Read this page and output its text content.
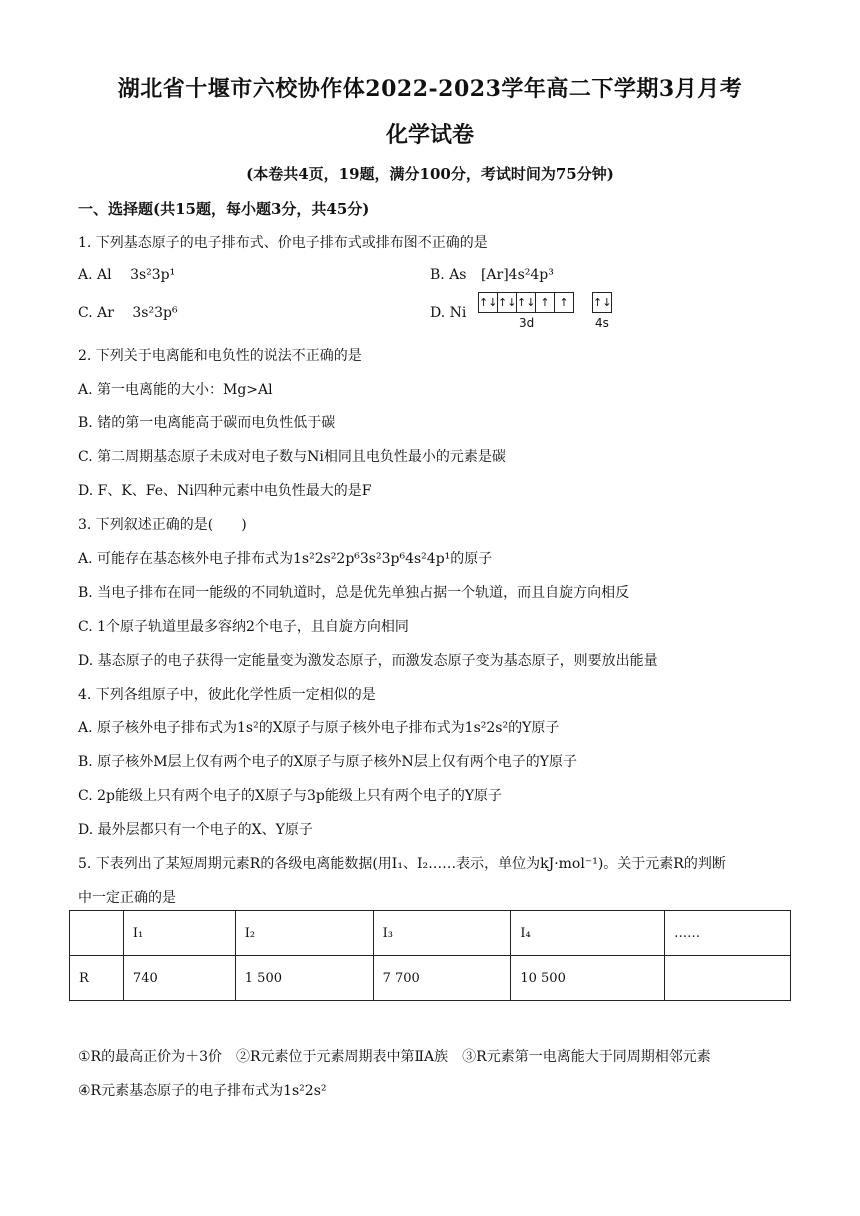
湖北省十堰市六校协作体2022-2023学年高二下学期3月月考
化学试卷
(本卷共4页，19题，满分100分，考试时间为75分钟)
一、选择题(共15题，每小题3分，共45分)
1. 下列基态原子的电子排布式、价电子排布式或排布图不正确的是
A. Al 3s²3p¹	B. As [Ar]4s²4p³
C. Ar 3s²3p⁶	D. Ni
↑↓ ↑↓ ↑↓ ↑ ↑	↑↓
3d	4s
2. 下列关于电离能和电负性的说法不正确的是
A. 第一电离能的大小：Mg>Al
B. 锗的第一电离能高于碳而电负性低于碳
C. 第二周期基态原子未成对电子数与Ni相同且电负性最小的元素是碳
D. F、K、Fe、Ni四种元素中电负性最大的是F
3. 下列叙述正确的是(　　)
A. 可能存在基态核外电子排布式为1s²2s²2p⁶3s²3p⁶4s²4p¹的原子
B. 当电子排布在同一能级的不同轨道时，总是优先单独占据一个轨道，而且自旋方向相反
C. 1个原子轨道里最多容纳2个电子，且自旋方向相同
D. 基态原子的电子获得一定能量变为激发态原子，而激发态原子变为基态原子，则要放出能量
4. 下列各组原子中，彼此化学性质一定相似的是
A. 原子核外电子排布式为1s²的X原子与原子核外电子排布式为1s²2s²的Y原子
B. 原子核外M层上仅有两个电子的X原子与原子核外N层上仅有两个电子的Y原子
C. 2p能级上只有两个电子的X原子与3p能级上只有两个电子的Y原子
D. 最外层都只有一个电子的X、Y原子
5. 下表列出了某短周期元素R的各级电离能数据(用I₁、I₂……表示，单位为kJ·mol⁻¹)。关于元素R的判断
中一定正确的是
	I₁	I₂	I₃	I₄	……
R	740	1 500	7 700	10 500	
①R的最高正价为＋3价　②R元素位于元素周期表中第ⅡA族　③R元素第一电离能大于同周期相邻元素
④R元素基态原子的电子排布式为1s²2s²
